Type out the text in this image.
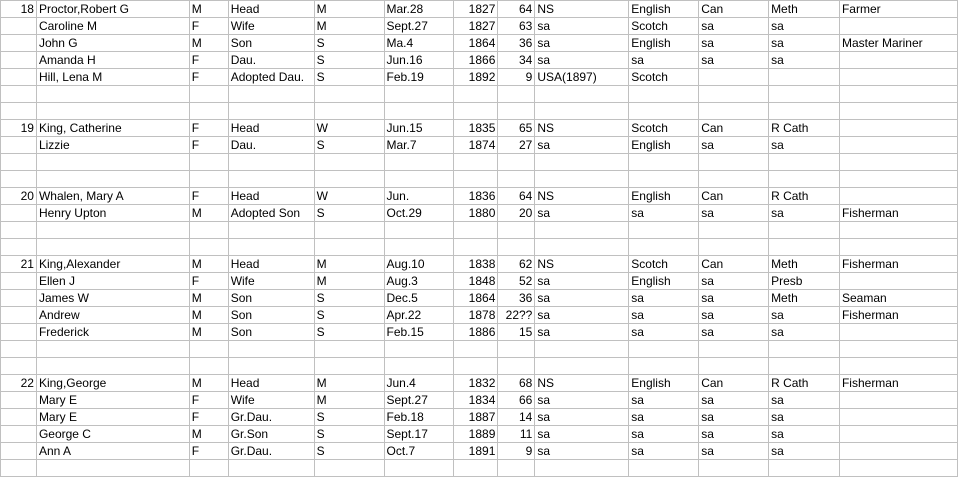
18	Proctor,Robert G	M	Head	M	Mar.28	1827	64	NS	English	Can	Meth	Farmer
	Caroline M	F	Wife	M	Sept.27	1827	63	sa	Scotch	sa	sa	
	John G	M	Son	S	Ma.4	1864	36	sa	English	sa	sa	Master Mariner
	Amanda H	F	Dau.	S	Jun.16	1866	34	sa	sa	sa	sa	
	Hill, Lena M	F	Adopted Dau.	S	Feb.19	1892	9	USA(1897)	Scotch			

19	King, Catherine	F	Head	W	Jun.15	1835	65	NS	Scotch	Can	R Cath	
	Lizzie	F	Dau.	S	Mar.7	1874	27	sa	English	sa	sa	

20	Whalen, Mary A	F	Head	W	Jun.	1836	64	NS	English	Can	R Cath	
	Henry Upton	M	Adopted Son	S	Oct.29	1880	20	sa	sa	sa	sa	Fisherman

21	King,Alexander	M	Head	M	Aug.10	1838	62	NS	Scotch	Can	Meth	Fisherman
	Ellen J	F	Wife	M	Aug.3	1848	52	sa	English	sa	Presb	
	James W	M	Son	S	Dec.5	1864	36	sa	sa	sa	Meth	Seaman
	Andrew	M	Son	S	Apr.22	1878	22??	sa	sa	sa	sa	Fisherman
	Frederick	M	Son	S	Feb.15	1886	15	sa	sa	sa	sa	

22	King,George	M	Head	M	Jun.4	1832	68	NS	English	Can	R Cath	Fisherman
	Mary E	F	Wife	M	Sept.27	1834	66	sa	sa	sa	sa	
	Mary E	F	Gr.Dau.	S	Feb.18	1887	14	sa	sa	sa	sa	
	George C	M	Gr.Son	S	Sept.17	1889	11	sa	sa	sa	sa	
	Ann A	F	Gr.Dau.	S	Oct.7	1891	9	sa	sa	sa	sa	
